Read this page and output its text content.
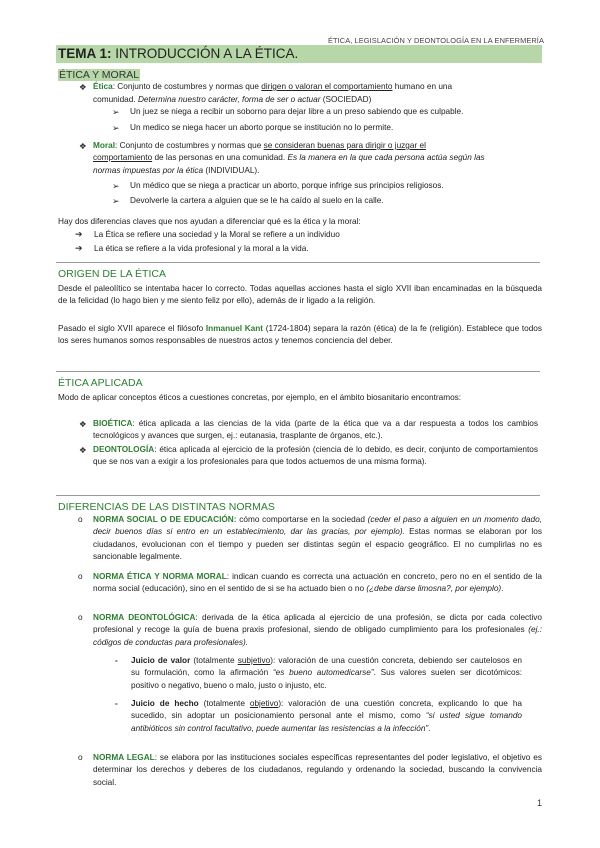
ÉTICA, LEGISLACIÓN Y DEONTOLOGÍA EN LA ENFERMERÍA
TEMA 1: INTRODUCCIÓN A LA ÉTICA.
ÉTICA Y MORAL
❖ Ética: Conjunto de costumbres y normas que dirigen o valoran el comportamiento humano en una
comunidad. Determina nuestro carácter, forma de ser o actuar (SOCIEDAD)
➢ Un juez se niega a recibir un soborno para dejar libre a un preso sabiendo que es culpable.
➢ Un medico se niega hacer un aborto porque se institución no lo permite.
❖ Moral: Conjunto de costumbres y normas que se consideran buenas para dirigir o juzgar el
comportamiento de las personas en una comunidad. Es la manera en la que cada persona actúa según las
normas impuestas por la ética (INDIVIDUAL).
➢ Un médico que se niega a practicar un aborto, porque infrige sus principios religiosos.
➢ Devolverle la cartera a alguien que se le ha caído al suelo en la calle.
Hay dos diferencias claves que nos ayudan a diferenciar qué es la ética y la moral:
➔ La Ética se refiere una sociedad y la Moral se refiere a un individuo
➔ La ética se refiere a la vida profesional y la moral a la vida.
ORIGEN DE LA ÉTICA
Desde el paleolítico se intentaba hacer lo correcto. Todas aquellas acciones hasta el siglo XVII iban encaminadas en la búsqueda de la felicidad (lo hago bien y me siento feliz por ello), además de ir ligado a la religión.
Pasado el siglo XVII aparece el filósofo Inmanuel Kant (1724-1804) separa la razón (ética) de la fe (religión). Establece que todos los seres humanos somos responsables de nuestros actos y tenemos conciencia del deber.
ÉTICA APLICADA
Modo de aplicar conceptos éticos a cuestiones concretas, por ejemplo, en el ámbito biosanitario encontramos:
❖ BIOÉTICA: ética aplicada a las ciencias de la vida (parte de la ética que va a dar respuesta a todos los cambios tecnológicos y avances que surgen, ej.: eutanasia, trasplante de órganos, etc.).
❖ DEONTOLOGÍA: ética aplicada al ejercicio de la profesión (ciencia de lo debido, es decir, conjunto de comportamientos que se nos van a exigir a los profesionales para que todos actuemos de una misma forma).
DIFERENCIAS DE LAS DISTINTAS NORMAS
o NORMA SOCIAL O DE EDUCACIÓN: cómo comportarse en la sociedad (ceder el paso a alguien en un momento dado, decir buenos días si entro en un establecimiento, dar las gracias, por ejemplo). Estas normas se elaboran por los ciudadanos, evolucionan con el tiempo y pueden ser distintas según el espacio geográfico. El no cumplirlas no es sancionable legalmente.
o NORMA ÉTICA Y NORMA MORAL: indican cuando es correcta una actuación en concreto, pero no en el sentido de la norma social (educación), sino en el sentido de si se ha actuado bien o no (¿debe darse limosna?, por ejemplo).
o NORMA DEONTOLÓGICA: derivada de la ética aplicada al ejercicio de una profesión, se dicta por cada colectivo profesional y recoge la guía de buena praxis profesional, siendo de obligado cumplimiento para los profesionales (ej.: códigos de conductas para profesionales).
- Juicio de valor (totalmente subjetivo): valoración de una cuestión concreta, debiendo ser cautelosos en su formulación, como la afirmación “es bueno automedicarse”. Sus valores suelen ser dicotómicos: positivo o negativo, bueno o malo, justo o injusto, etc.
- Juicio de hecho (totalmente objetivo): valoración de una cuestión concreta, explicando lo que ha sucedido, sin adoptar un posicionamiento personal ante el mismo, como “si usted sigue tomando antibióticos sin control facultativo, puede aumentar las resistencias a la infección”.
o NORMA LEGAL: se elabora por las instituciones sociales específicas representantes del poder legislativo, el objetivo es determinar los derechos y deberes de los ciudadanos, regulando y ordenando la sociedad, buscando la convivencia social.
1
